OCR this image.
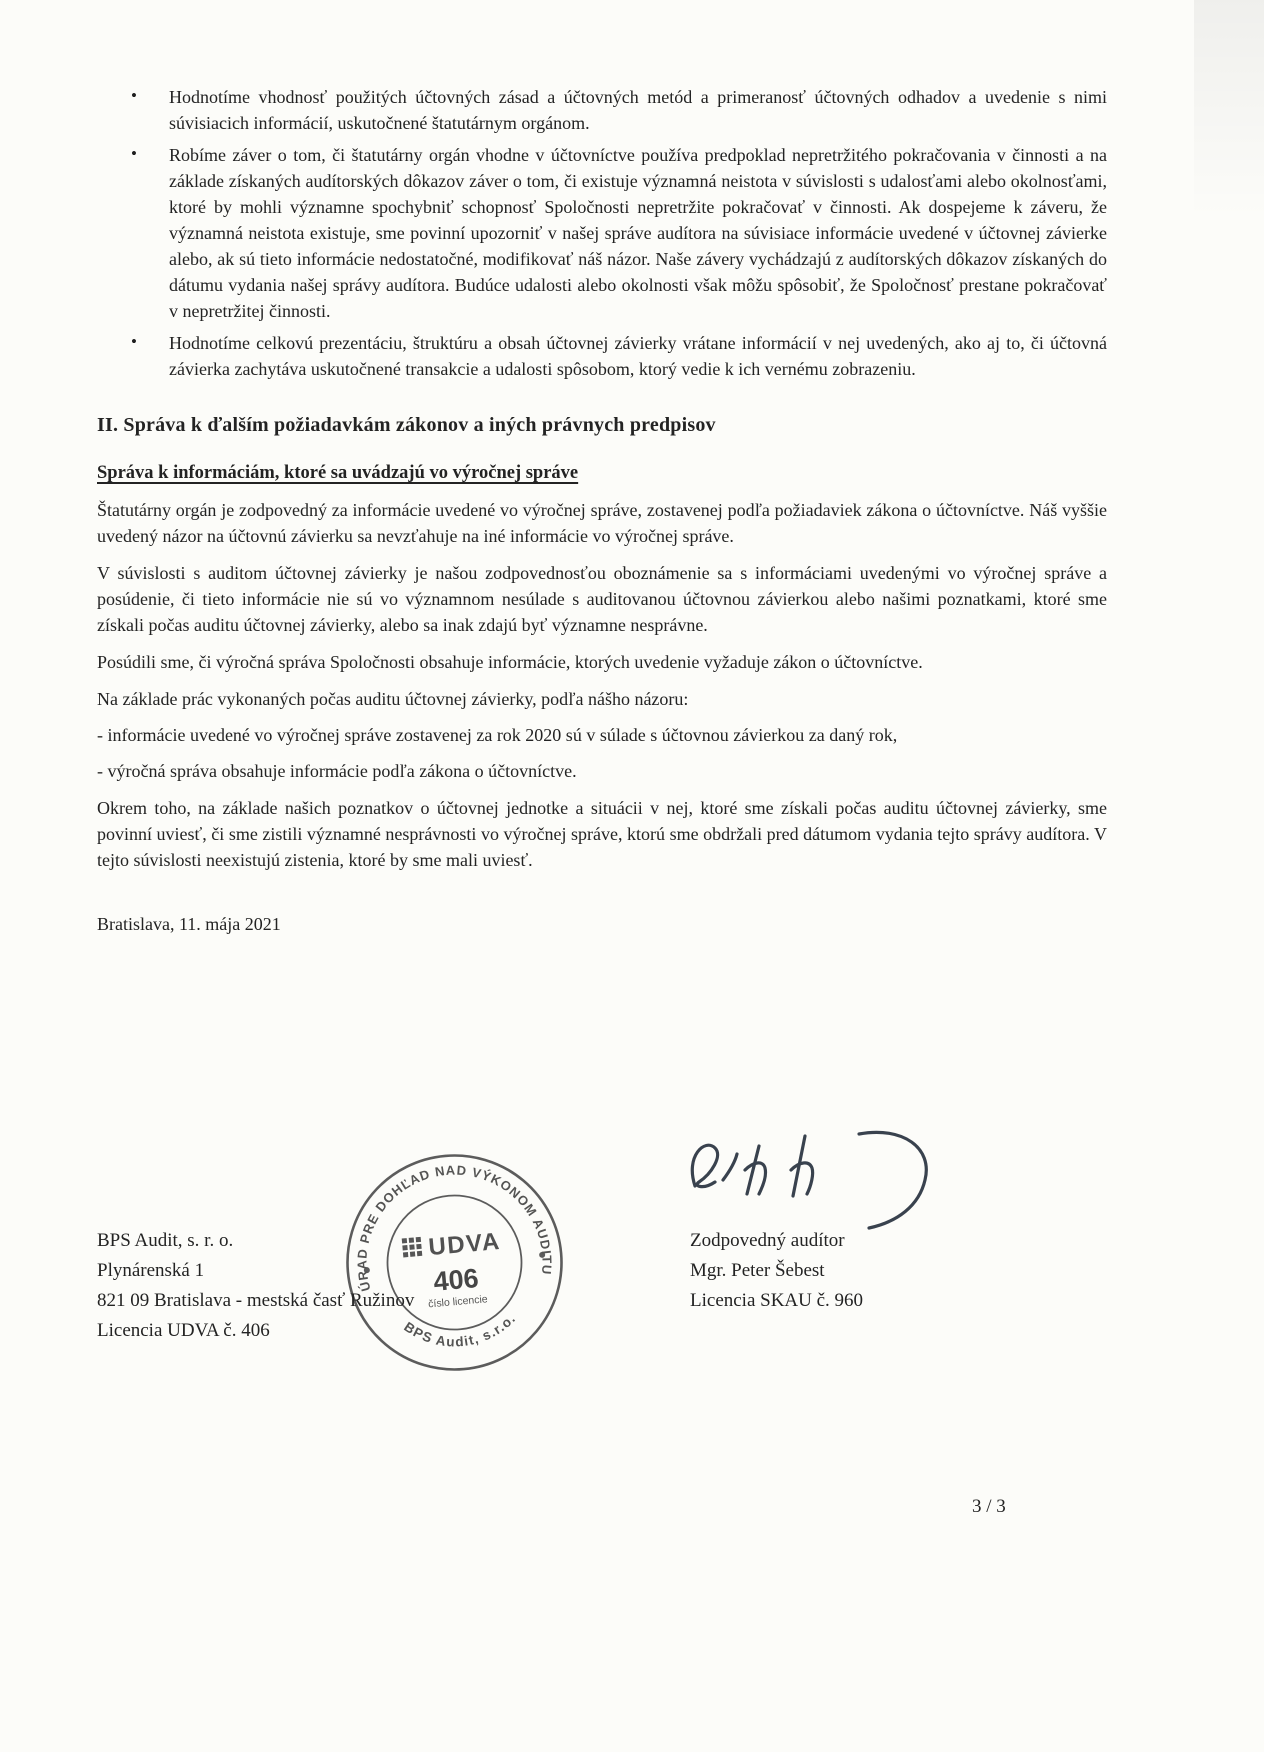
• Hodnotíme vhodnosť použitých účtovných zásad a účtovných metód a primeranosť účtovných odhadov a uvedenie s nimi súvisiacich informácií, uskutočnené štatutárnym orgánom.
• Robíme záver o tom, či štatutárny orgán vhodne v účtovníctve používa predpoklad nepretržitého pokračovania v činnosti a na základe získaných audítorských dôkazov záver o tom, či existuje významná neistota v súvislosti s udalosťami alebo okolnosťami, ktoré by mohli významne spochybniť schopnosť Spoločnosti nepretržite pokračovať v činnosti. Ak dospejeme k záveru, že významná neistota existuje, sme povinní upozorniť v našej správe audítora na súvisiace informácie uvedené v účtovnej závierke alebo, ak sú tieto informácie nedostatočné, modifikovať náš názor. Naše závery vychádzajú z audítorských dôkazov získaných do dátumu vydania našej správy audítora. Budúce udalosti alebo okolnosti však môžu spôsobiť, že Spoločnosť prestane pokračovať v nepretržitej činnosti.
• Hodnotíme celkovú prezentáciu, štruktúru a obsah účtovnej závierky vrátane informácií v nej uvedených, ako aj to, či účtovná závierka zachytáva uskutočnené transakcie a udalosti spôsobom, ktorý vedie k ich vernému zobrazeniu.
II. Správa k ďalším požiadavkám zákonov a iných právnych predpisov
Správa k informáciám, ktoré sa uvádzajú vo výročnej správe

Štatutárny orgán je zodpovedný za informácie uvedené vo výročnej správe, zostavenej podľa požiadaviek zákona o účtovníctve. Náš vyššie uvedený názor na účtovnú závierku sa nevzťahuje na iné informácie vo výročnej správe.

V súvislosti s auditom účtovnej závierky je našou zodpovednosťou oboznámenie sa s informáciami uvedenými vo výročnej správe a posúdenie, či tieto informácie nie sú vo významnom nesúlade s auditovanou účtovnou závierkou alebo našimi poznatkami, ktoré sme získali počas auditu účtovnej závierky, alebo sa inak zdajú byť významne nesprávne.

Posúdili sme, či výročná správa Spoločnosti obsahuje informácie, ktorých uvedenie vyžaduje zákon o účtovníctve.

Na základe prác vykonaných počas auditu účtovnej závierky, podľa nášho názoru:

- informácie uvedené vo výročnej správe zostavenej za rok 2020 sú v súlade s účtovnou závierkou za daný rok,

- výročná správa obsahuje informácie podľa zákona o účtovníctve.

Okrem toho, na základe našich poznatkov o účtovnej jednotke a situácii v nej, ktoré sme získali počas auditu účtovnej závierky, sme povinní uviesť, či sme zistili významné nesprávnosti vo výročnej správe, ktorú sme obdržali pred dátumom vydania tejto správy audítora. V tejto súvislosti neexistujú zistenia, ktoré by sme mali uviesť.

Bratislava, 11. mája 2021

ÚRAD PRE DOHĽAD NAD VÝKONOM AUDITU
BPS Audit, s.r.o.
UDVA
406
číslo licencie
BPS Audit, s. r. o.
Plynárenská 1
821 09 Bratislava - mestská časť Ružinov
Licencia UDVA č. 406
Zodpovedný audítor
Mgr. Peter Šebest
Licencia SKAU č. 960
3 / 3
